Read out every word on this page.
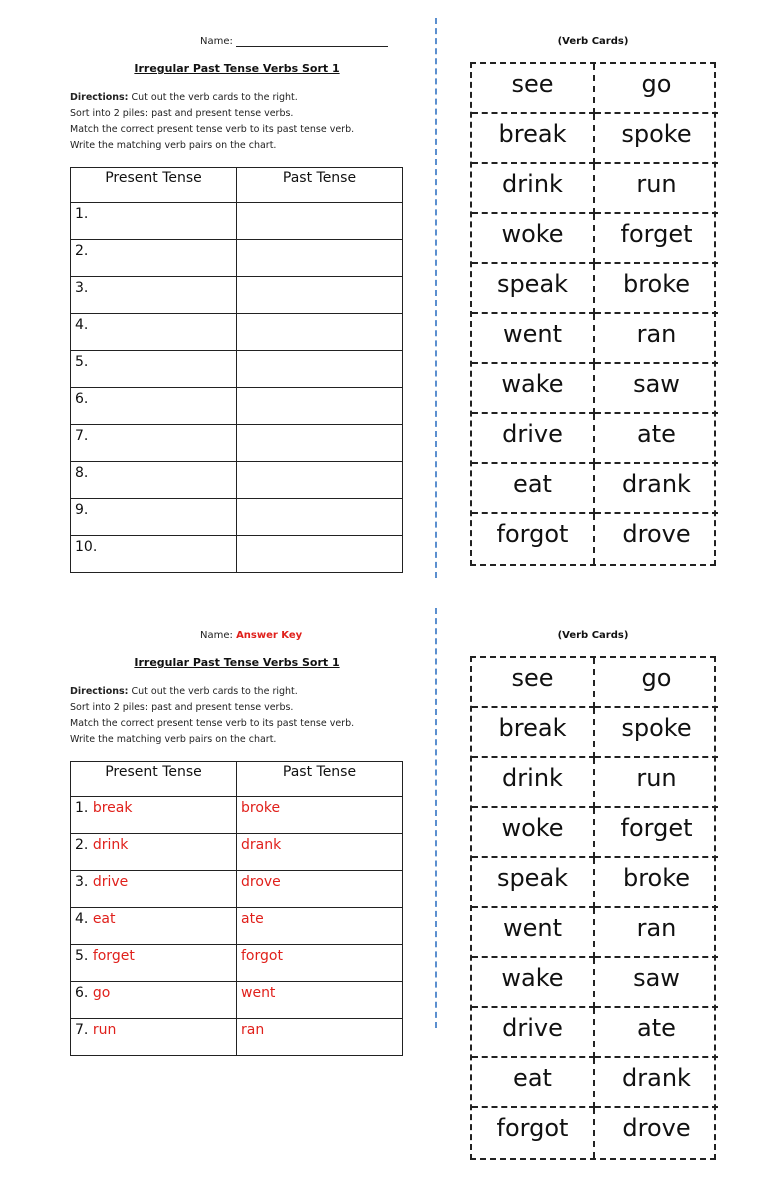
Name:
Irregular Past Tense Verbs Sort 1
Directions: Cut out the verb cards to the right.
Sort into 2 piles: past and present tense verbs.
Match the correct present tense verb to its past tense verb.
Write the matching verb pairs on the chart.
Present Tense	Past Tense
1.	
2.	
3.	
4.	
5.	
6.	
7.	
8.	
9.	
10.	
(Verb Cards)
see	go
break	spoke
drink	run
woke	forget
speak	broke
went	ran
wake	saw
drive	ate
eat	drank
forgot	drove
Name: Answer Key
Irregular Past Tense Verbs Sort 1
Directions: Cut out the verb cards to the right.
Sort into 2 piles: past and present tense verbs.
Match the correct present tense verb to its past tense verb.
Write the matching verb pairs on the chart.
Present Tense	Past Tense
1. break	broke
2. drink	drank
3. drive	drove
4. eat	ate
5. forget	forgot
6. go	went
7. run	ran
(Verb Cards)
see	go
break	spoke
drink	run
woke	forget
speak	broke
went	ran
wake	saw
drive	ate
eat	drank
forgot	drove
